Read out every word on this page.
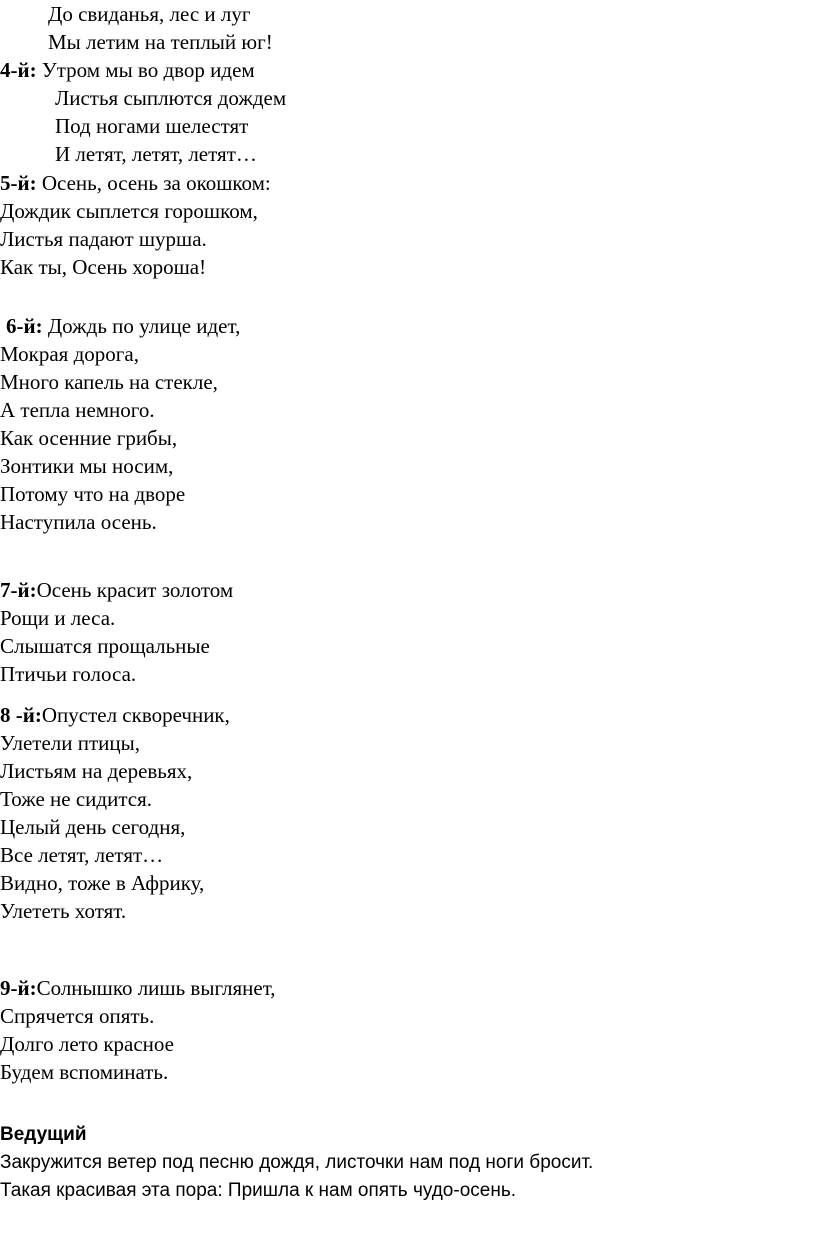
До свиданья, лес и луг
Мы летим на теплый юг!
4-й: Утром мы во двор идем
Листья сыплются дождем
Под ногами шелестят
И летят, летят, летят…
5-й: Осень, осень за окошком:
Дождик сыплется горошком,
Листья падают шурша.
Как ты, Осень хороша!
6-й: Дождь по улице идет,
Мокрая дорога,
Много капель на стекле,
А тепла немного.
Как осенние грибы,
Зонтики мы носим,
Потому что на дворе
Наступила осень.
7-й:Осень красит золотом
Рощи и леса.
Слышатся прощальные
Птичьи голоса.
8 -й:Опустел скворечник,
Улетели птицы,
Листьям на деревьях,
Тоже не сидится.
Целый день сегодня,
Все летят, летят…
Видно, тоже в Африку,
Улететь хотят.
9-й:Солнышко лишь выглянет,
Спрячется опять.
Долго лето красное
Будем вспоминать.
Ведущий
Закружится ветер под песню дождя, листочки нам под ноги бросит.
Такая красивая эта пора: Пришла к нам опять чудо-осень.
